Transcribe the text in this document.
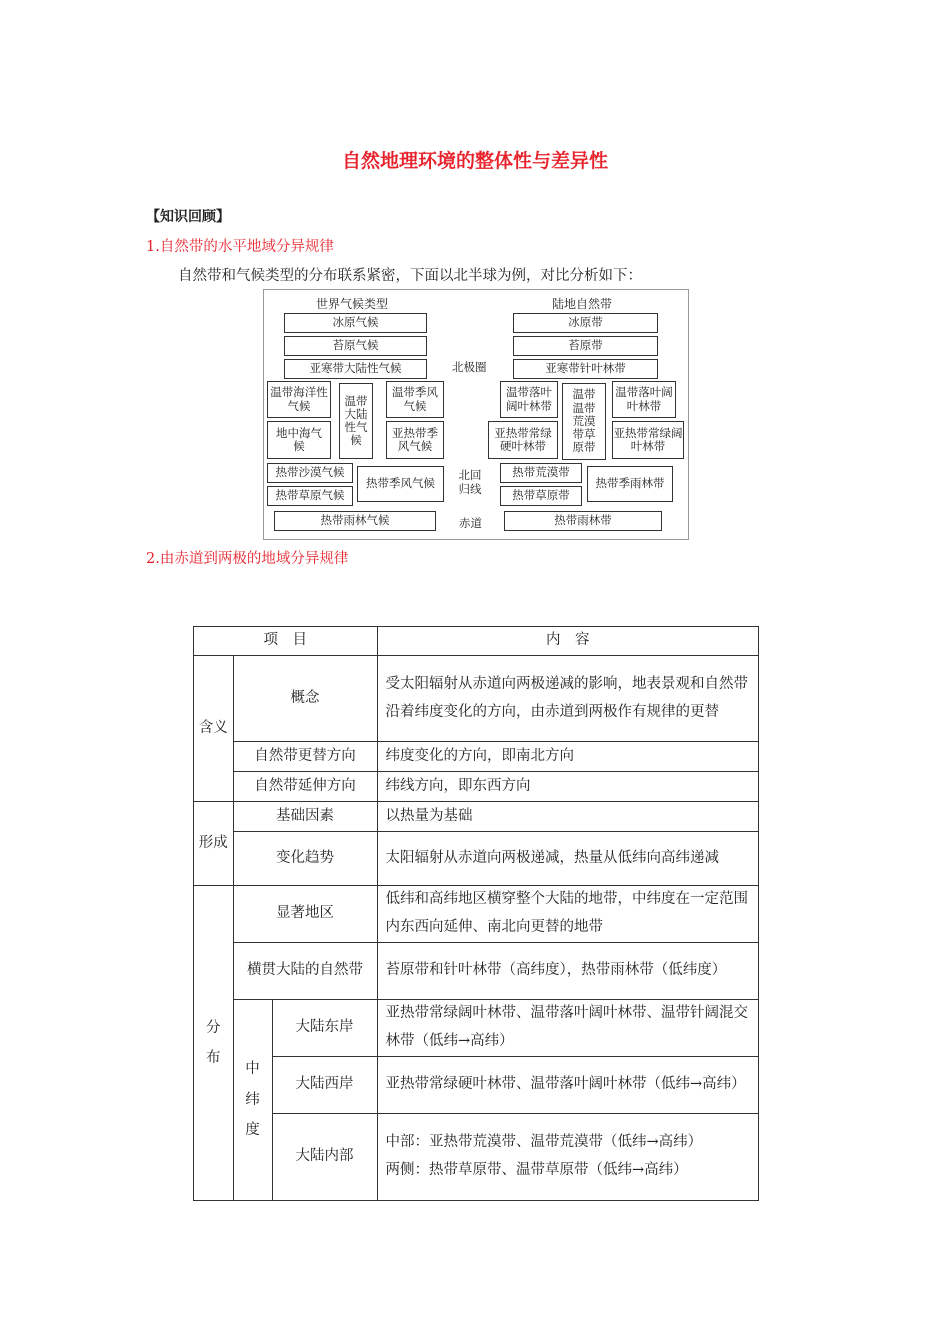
自然地理环境的整体性与差异性
【知识回顾】
1.自然带的水平地域分异规律
自然带和气候类型的分布联系紧密，下面以北半球为例，对比分析如下：
世界气候类型	陆地自然带
冰原气候
苔原气候
亚寒带大陆性气候
温带海洋性气候	温带大陆性气候
温带季风气候
地中海气候
亚热带季风气候
热带沙漠气候
热带草原气候
热带季风气候
热带雨林气候
北极圈
北回归线
赤道
冰原带
苔原带
亚寒带针叶林带
温带落叶阔叶林带
温带温带荒漠带草原带
温带落叶阔叶林带
亚热带常绿硬叶林带
亚热带常绿阔叶林带
热带荒漠带
热带草原带
热带季雨林带
热带雨林带
2.由赤道到两极的地域分异规律
项　目			内　容
含义	概念		受太阳辐射从赤道向两极递减的影响，地表景观和自然带沿着纬度变化的方向，由赤道到两极作有规律的更替
	自然带更替方向		纬度变化的方向，即南北方向
	自然带延伸方向		纬线方向，即东西方向
形成	基础因素		以热量为基础
	变化趋势		太阳辐射从赤道向两极递减，热量从低纬向高纬递减
分布	显著地区		低纬和高纬地区横穿整个大陆的地带，中纬度在一定范围内东西向延伸、南北向更替的地带
	横贯大陆的自然带		苔原带和针叶林带（高纬度），热带雨林带（低纬度）
	中纬度	大陆东岸	亚热带常绿阔叶林带、温带落叶阔叶林带、温带针阔混交林带（低纬→高纬）
		大陆西岸	亚热带常绿硬叶林带、温带落叶阔叶林带（低纬→高纬）
		大陆内部	中部：亚热带荒漠带、温带荒漠带（低纬→高纬）
两侧：热带草原带、温带草原带（低纬→高纬）
